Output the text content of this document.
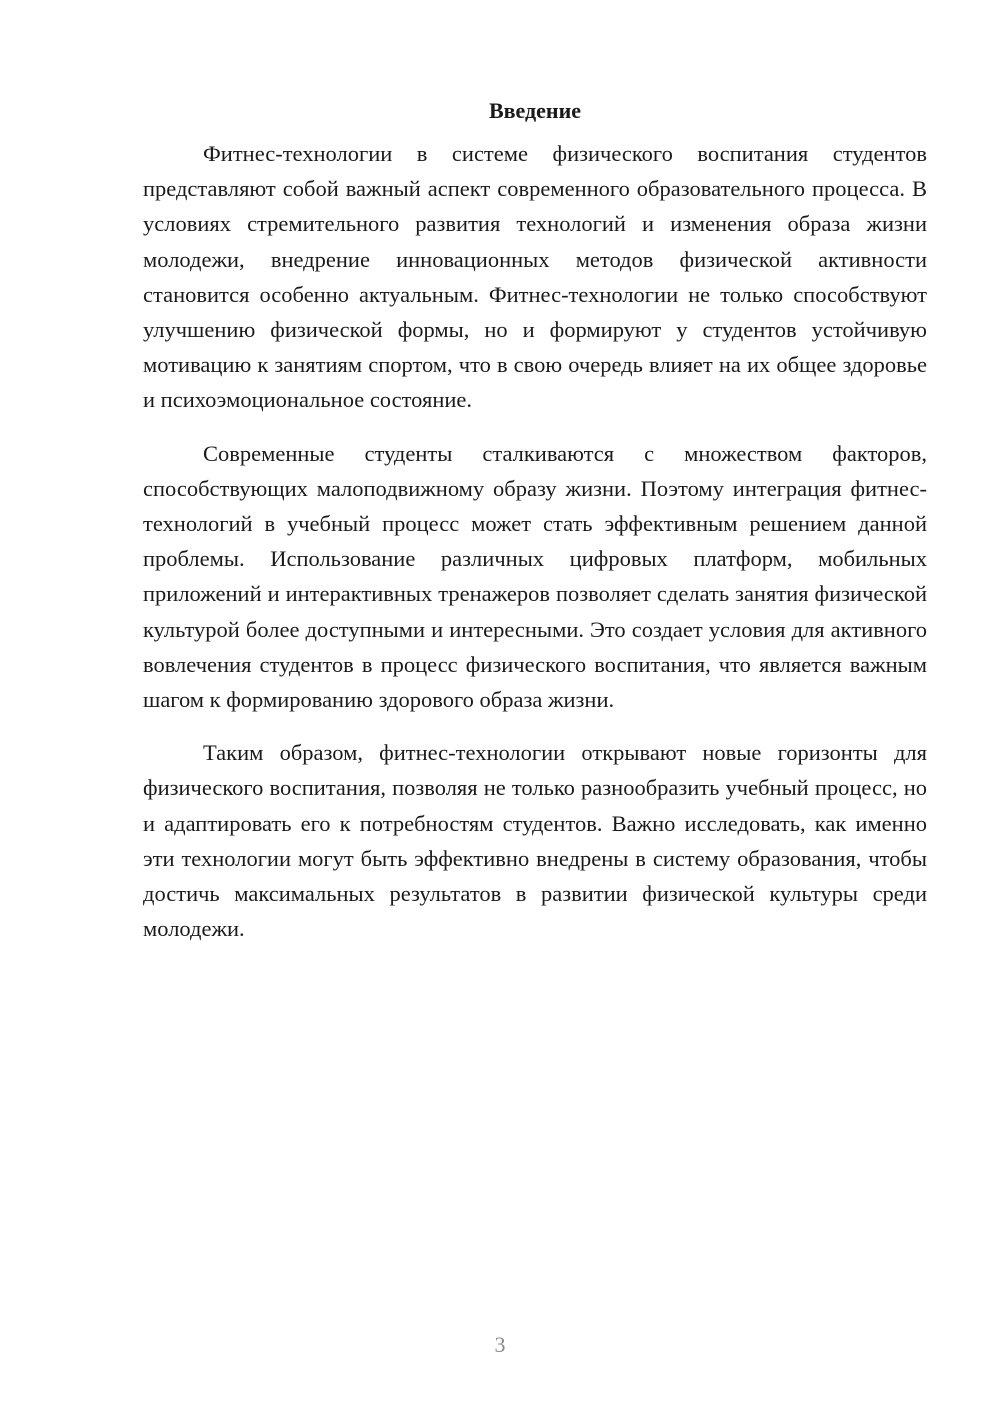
Введение

Фитнес-технологии в системе физического воспитания студентов представляют собой важный аспект современного образовательного процесса. В условиях стремительного развития технологий и изменения образа жизни молодежи, внедрение инновационных методов физической активности становится особенно актуальным. Фитнес-технологии не только способствуют улучшению физической формы, но и формируют у студентов устойчивую мотивацию к занятиям спортом, что в свою очередь влияет на их общее здоровье и психоэмоциональное состояние.

Современные студенты сталкиваются с множеством факторов, способствующих малоподвижному образу жизни. Поэтому интеграция фитнес-технологий в учебный процесс может стать эффективным решением данной проблемы. Использование различных цифровых платформ, мобильных приложений и интерактивных тренажеров позволяет сделать занятия физической культурой более доступными и интересными. Это создает условия для активного вовлечения студентов в процесс физического воспитания, что является важным шагом к формированию здорового образа жизни.

Таким образом, фитнес-технологии открывают новые горизонты для физического воспитания, позволяя не только разнообразить учебный процесс, но и адаптировать его к потребностям студентов. Важно исследовать, как именно эти технологии могут быть эффективно внедрены в систему образования, чтобы достичь максимальных результатов в развитии физической культуры среди молодежи.

3
